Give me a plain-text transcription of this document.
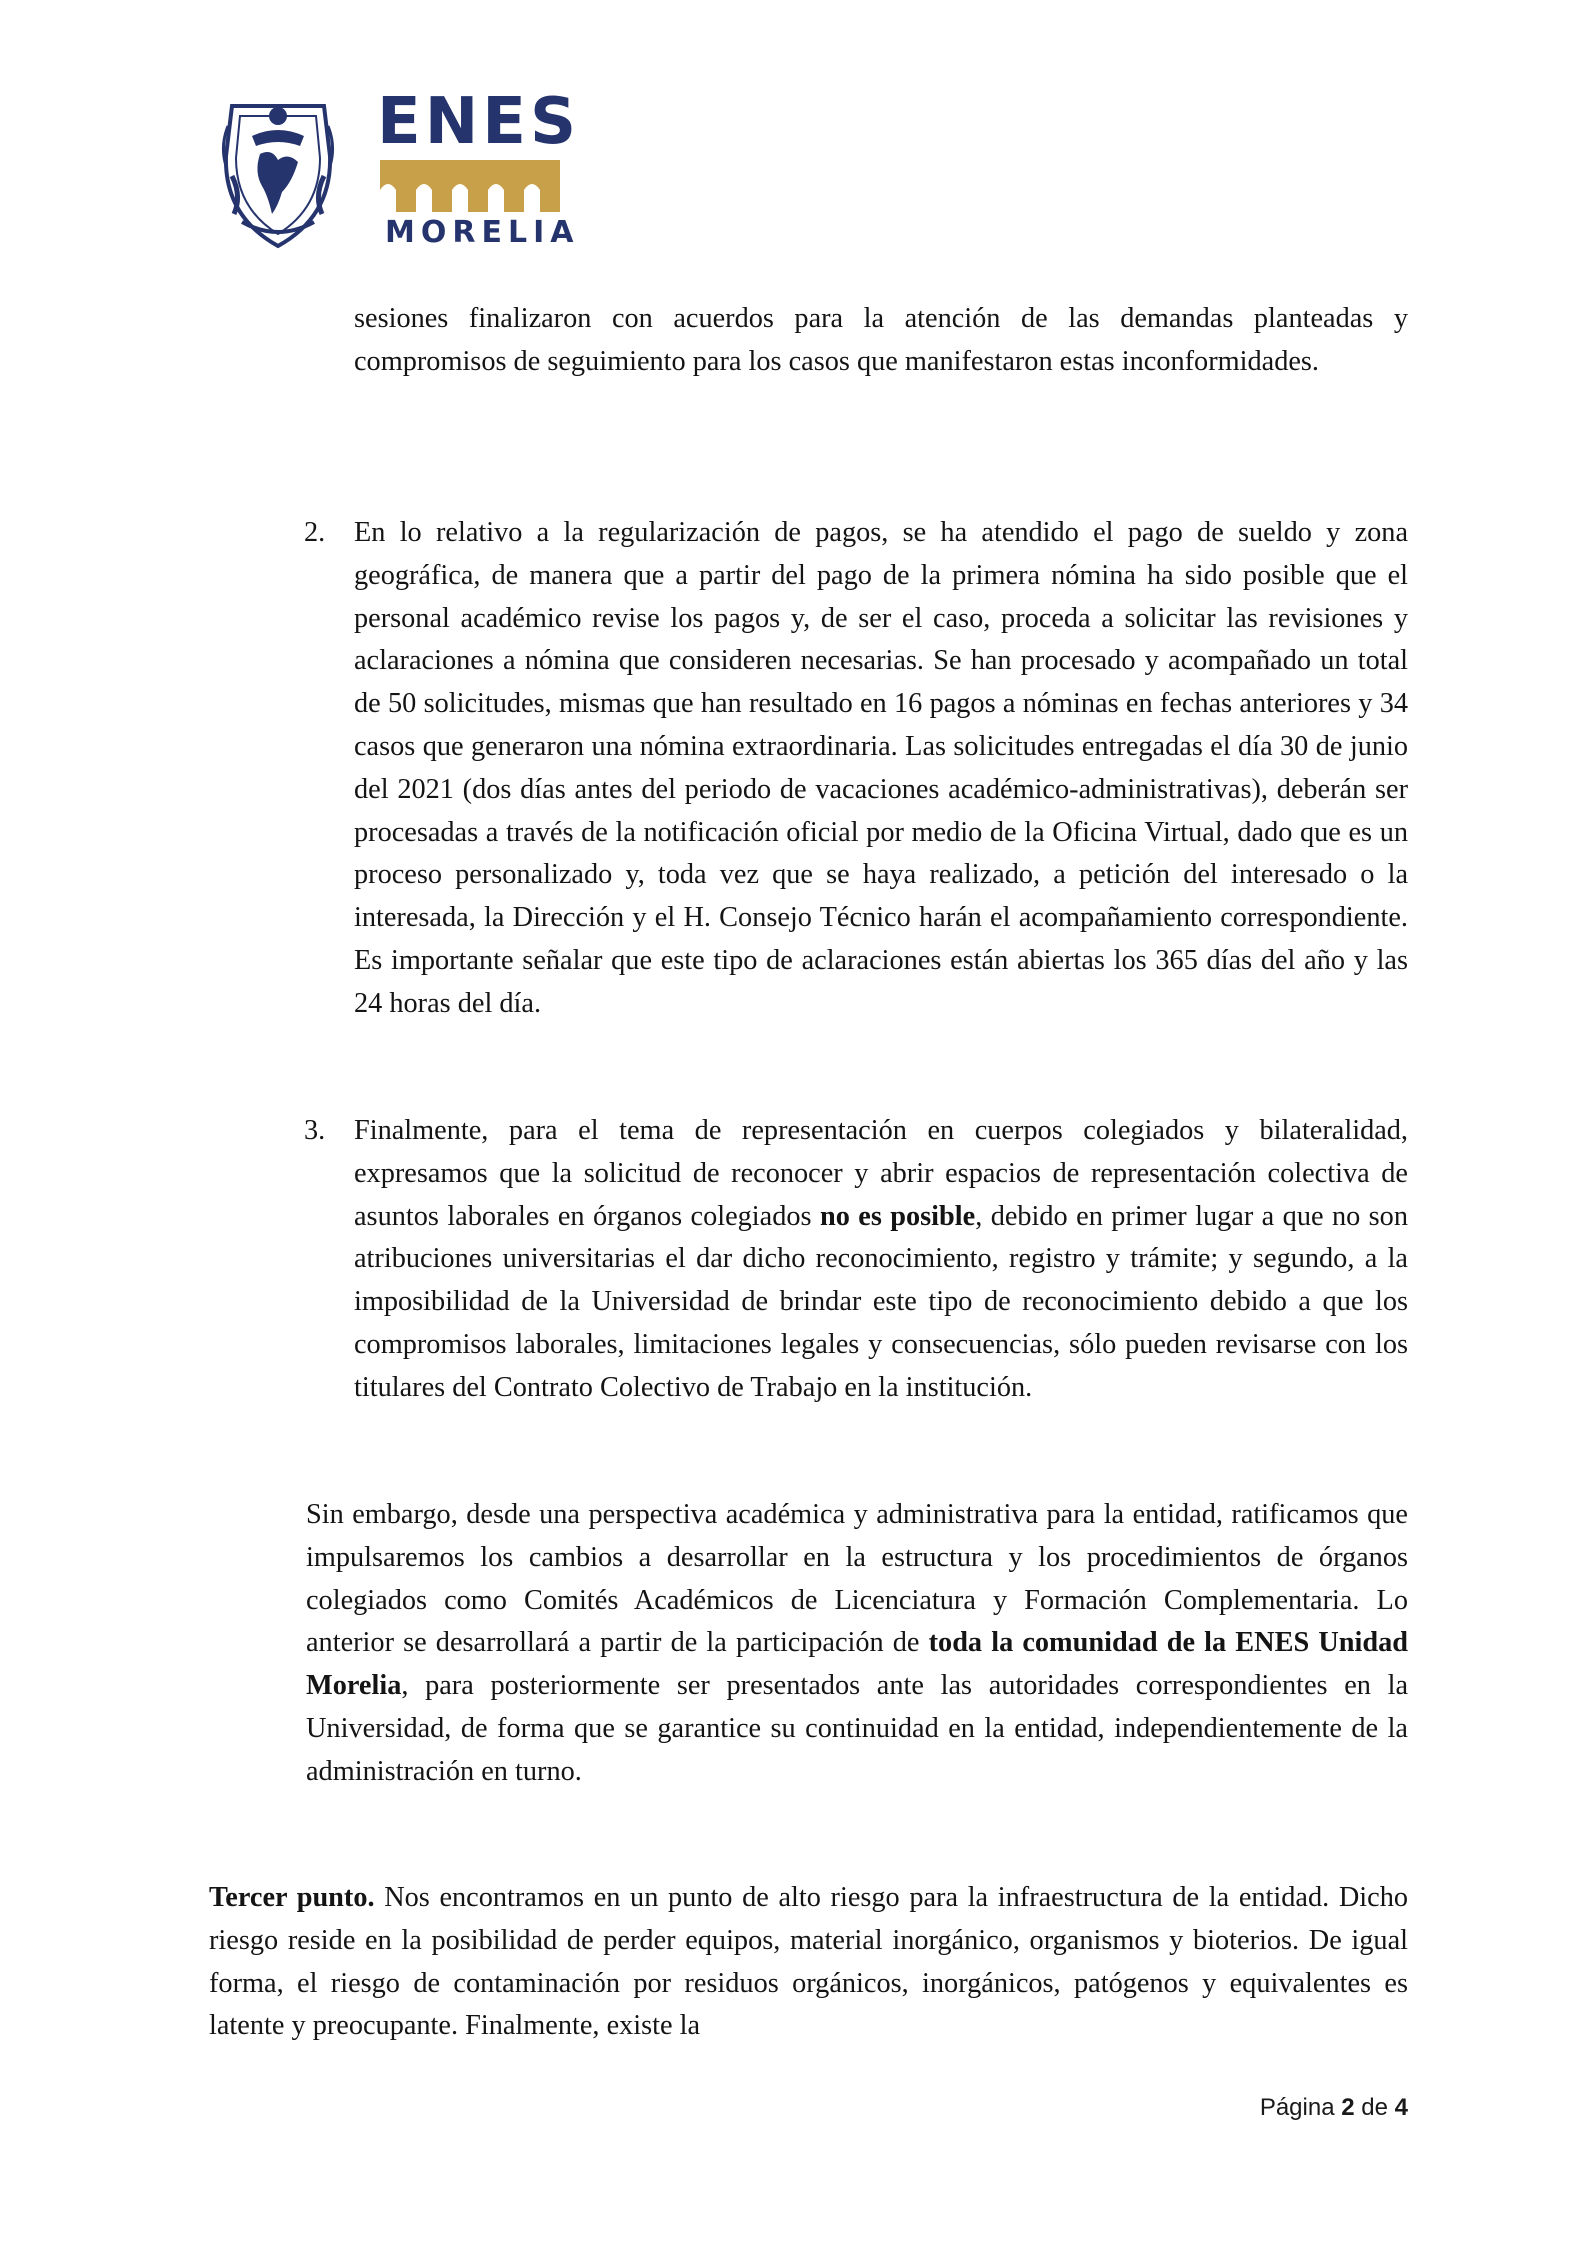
ENES
MORELIA

sesiones finalizaron con acuerdos para la atención de las demandas planteadas y compromisos de seguimiento para los casos que manifestaron estas inconformidades.

2. En lo relativo a la regularización de pagos, se ha atendido el pago de sueldo y zona geográfica, de manera que a partir del pago de la primera nómina ha sido posible que el personal académico revise los pagos y, de ser el caso, proceda a solicitar las revisiones y aclaraciones a nómina que consideren necesarias. Se han procesado y acompañado un total de 50 solicitudes, mismas que han resultado en 16 pagos a nóminas en fechas anteriores y 34 casos que generaron una nómina extraordinaria. Las solicitudes entregadas el día 30 de junio del 2021 (dos días antes del periodo de vacaciones académico-administrativas), deberán ser procesadas a través de la notificación oficial por medio de la Oficina Virtual, dado que es un proceso personalizado y, toda vez que se haya realizado, a petición del interesado o la interesada, la Dirección y el H. Consejo Técnico harán el acompañamiento correspondiente. Es importante señalar que este tipo de aclaraciones están abiertas los 365 días del año y las 24 horas del día.

3. Finalmente, para el tema de representación en cuerpos colegiados y bilateralidad, expresamos que la solicitud de reconocer y abrir espacios de representación colectiva de asuntos laborales en órganos colegiados no es posible, debido en primer lugar a que no son atribuciones universitarias el dar dicho reconocimiento, registro y trámite; y segundo, a la imposibilidad de la Universidad de brindar este tipo de reconocimiento debido a que los compromisos laborales, limitaciones legales y consecuencias, sólo pueden revisarse con los titulares del Contrato Colectivo de Trabajo en la institución.

Sin embargo, desde una perspectiva académica y administrativa para la entidad, ratificamos que impulsaremos los cambios a desarrollar en la estructura y los procedimientos de órganos colegiados como Comités Académicos de Licenciatura y Formación Complementaria. Lo anterior se desarrollará a partir de la participación de toda la comunidad de la ENES Unidad Morelia, para posteriormente ser presentados ante las autoridades correspondientes en la Universidad, de forma que se garantice su continuidad en la entidad, independientemente de la administración en turno.

Tercer punto. Nos encontramos en un punto de alto riesgo para la infraestructura de la entidad. Dicho riesgo reside en la posibilidad de perder equipos, material inorgánico, organismos y bioterios. De igual forma, el riesgo de contaminación por residuos orgánicos, inorgánicos, patógenos y equivalentes es latente y preocupante. Finalmente, existe la

Página 2 de 4
